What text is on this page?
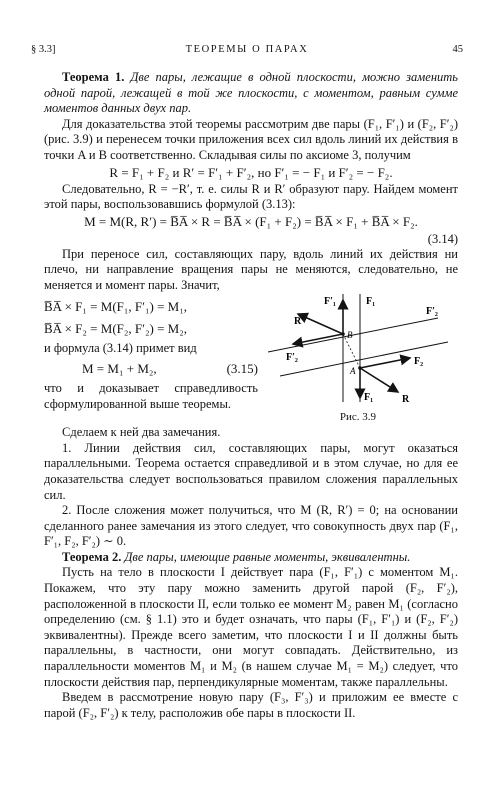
§ 3.3]	ТЕОРЕМЫ О ПАРАХ	45

Теорема 1. Две пары, лежащие в одной плоскости, можно заменить одной парой, лежащей в той же плоскости, с моментом, равным сумме моментов данных двух пар.

Для доказательства этой теоремы рассмотрим две пары (F₁, F′₁) и (F₂, F′₂) (рис. 3.9) и перенесем точки приложения всех сил вдоль линий их действия в точки A и B соответственно. Складывая силы по аксиоме 3, получим

R = F₁ + F₂ и R′ = F′₁ + F′₂, но F′₁ = − F₁ и F′₂ = − F₂.

Следовательно, R = −R′, т. е. силы R и R′ образуют пару. Найдем момент этой пары, воспользовавшись формулой (3.13):

M = M(R, R′) = B̅A̅ × R = B̅A̅ × (F₁ + F₂) = B̅A̅ × F₁ + B̅A̅ × F₂.

(3.14)

При переносе сил, составляющих пару, вдоль линий их действия ни плечо, ни направление вращения пары не меняются, следовательно, не меняется и момент пары. Значит,

B̅A̅ × F₁ = M(F₁, F′₁) = M₁,

B̅A̅ × F₂ = M(F₂, F′₂) = M₂,

и формула (3.14) примет вид

M = M₁ + M₂,	(3.15)

что и доказывает справедливость сформулированной выше теоремы.

F′₁	F₁
R′
F′₂
B
F′₂
A
R
F₂
F₁
Рис. 3.9

Сделаем к ней два замечания.

1. Линии действия сил, составляющих пары, могут оказаться параллельными. Теорема остается справедливой и в этом случае, но для ее доказательства следует воспользоваться правилом сложения параллельных сил.

2. После сложения может получиться, что M (R, R′) = 0; на основании сделанного ранее замечания из этого следует, что совокупность двух пар (F₁, F′₁, F₂, F′₂) ∼ 0.

Теорема 2. Две пары, имеющие равные моменты, эквивалентны.

Пусть на тело в плоскости I действует пара (F₁, F′₁) с моментом M₁. Покажем, что эту пару можно заменить другой парой (F₂, F′₂), расположенной в плоскости II, если только ее момент M₂ равен M₁ (согласно определению (см. § 1.1) это и будет означать, что пары (F₁, F′₁) и (F₂, F′₂) эквивалентны). Прежде всего заметим, что плоскости I и II должны быть параллельны, в частности, они могут совпадать. Действительно, из параллельности моментов M₁ и M₂ (в нашем случае M₁ = M₂) следует, что плоскости действия пар, перпендикулярные моментам, также параллельны.

Введем в рассмотрение новую пару (F₃, F′₃) и приложим ее вместе с парой (F₂, F′₂) к телу, расположив обе пары в плоскости II.
